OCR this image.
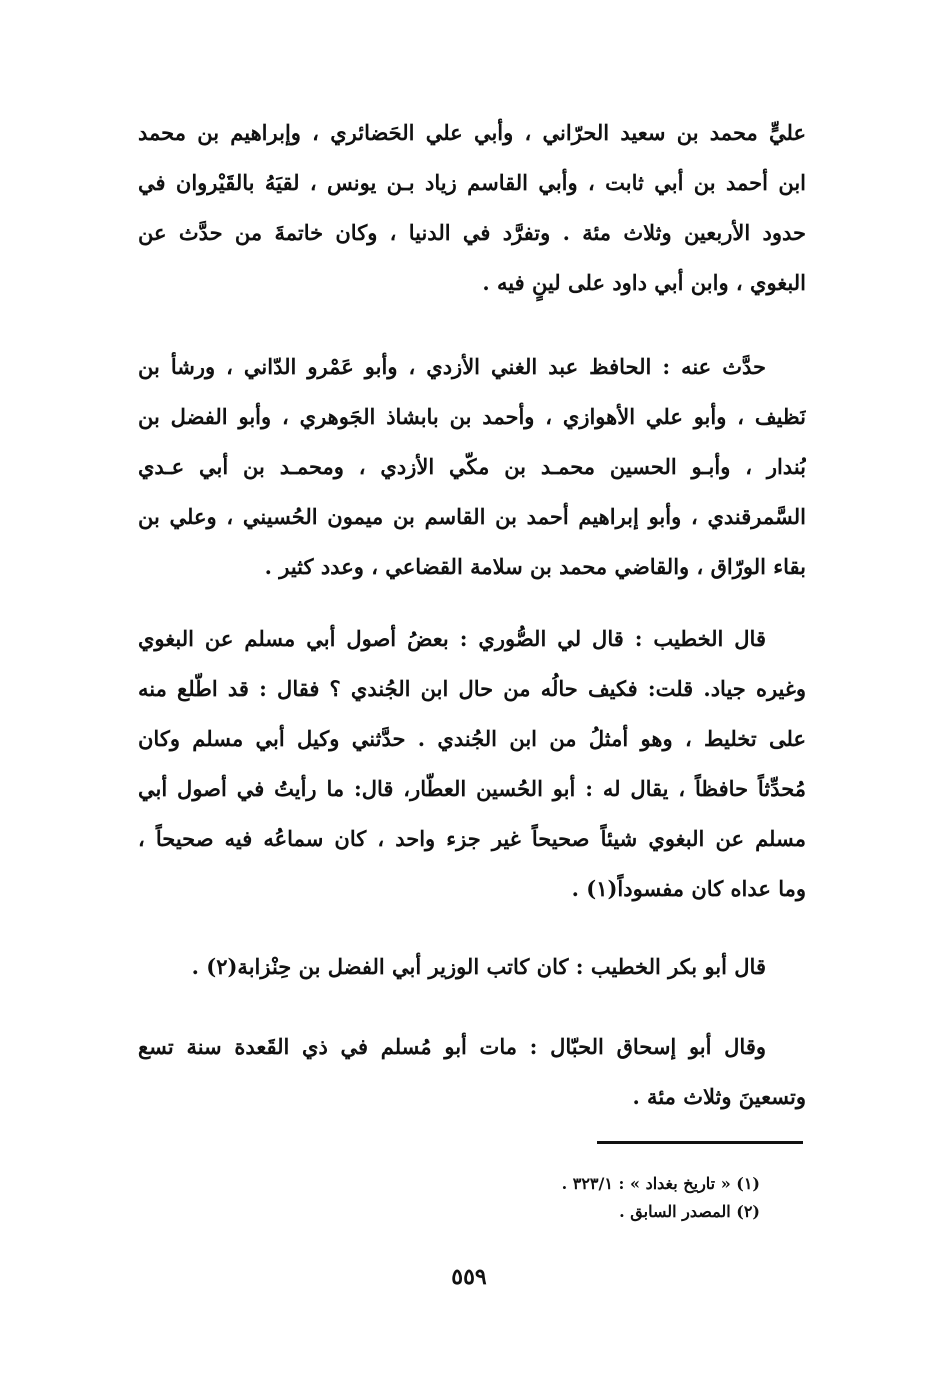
عليٍّ محمد بن سعيد الحرّاني ، وأبي علي الحَضائري ، وإبراهيم بن محمد
ابن أحمد بن أبي ثابت ، وأبي القاسم زياد بـن يونس ، لقيَهُ بالقَيْروان في
حدود الأربعين وثلاث مئة . وتفرَّد في الدنيا ، وكان خاتمةَ من حدَّث عن
البغوي ، وابن أبي داود على لينٍ فيه .
حدَّث عنه : الحافظ عبد الغني الأزدي ، وأبو عَمْرو الدّاني ، ورشأ بن
نَظيف ، وأبو علي الأهوازي ، وأحمد بن بابشاذ الجَوهري ، وأبو الفضل بن
بُندار ، وأبـو الحسين محمـد بن مكّي الأزدي ، ومحمـد بن أبي عـدي
السَّمرقندي ، وأبو إبراهيم أحمد بن القاسم بن ميمون الحُسيني ، وعلي بن
بقاء الورّاق ، والقاضي محمد بن سلامة القضاعي ، وعدد كثير .
قال الخطيب : قال لي الصُّوري : بعضُ أصول أبي مسلم عن البغوي
وغيره جياد. قلت: فكيف حالُه من حال ابن الجُندي ؟ فقال : قد اطّلع منه
على تخليط ، وهو أمثلُ من ابن الجُندي . حدَّثني وكيل أبي مسلم وكان
مُحدِّثاً حافظاً ، يقال له : أبو الحُسين العطّار، قال: ما رأيتُ في أصول أبي
مسلم عن البغوي شيئاً صحيحاً غير جزء واحد ، كان سماعُه فيه صحيحاً ،
وما عداه كان مفسوداً(١) .
قال أبو بكر الخطيب : كان كاتب الوزير أبي الفضل بن حِنْزابة(٢) .
وقال أبو إسحاق الحبّال : مات أبو مُسلم في ذي القَعدة سنة تسع
وتسعينَ وثلاث مئة .
(١) « تاريخ بغداد » : ٣٢٣/١ .
(٢) المصدر السابق .
٥٥٩
